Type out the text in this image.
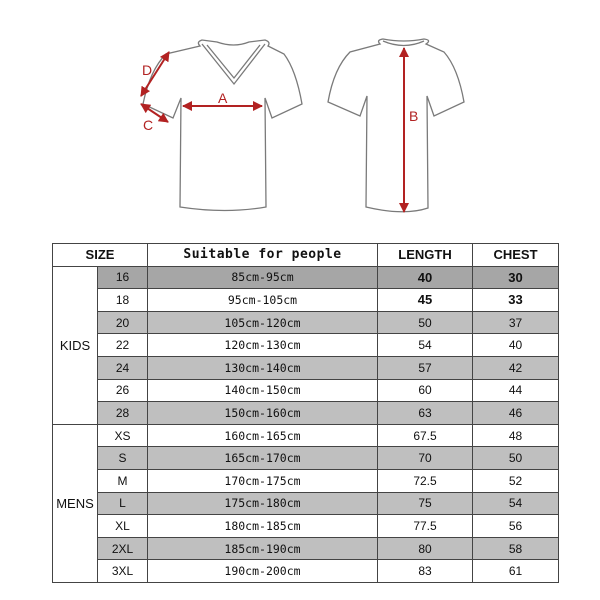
A
D
C
B
SIZE		Suitable for people	LENGTH	CHEST
KIDS	16	85cm-95cm	40	30
	18	95cm-105cm	45	33
	20	105cm-120cm	50	37
	22	120cm-130cm	54	40
	24	130cm-140cm	57	42
	26	140cm-150cm	60	44
	28	150cm-160cm	63	46
MENS	XS	160cm-165cm	67.5	48
	S	165cm-170cm	70	50
	M	170cm-175cm	72.5	52
	L	175cm-180cm	75	54
	XL	180cm-185cm	77.5	56
	2XL	185cm-190cm	80	58
	3XL	190cm-200cm	83	61
